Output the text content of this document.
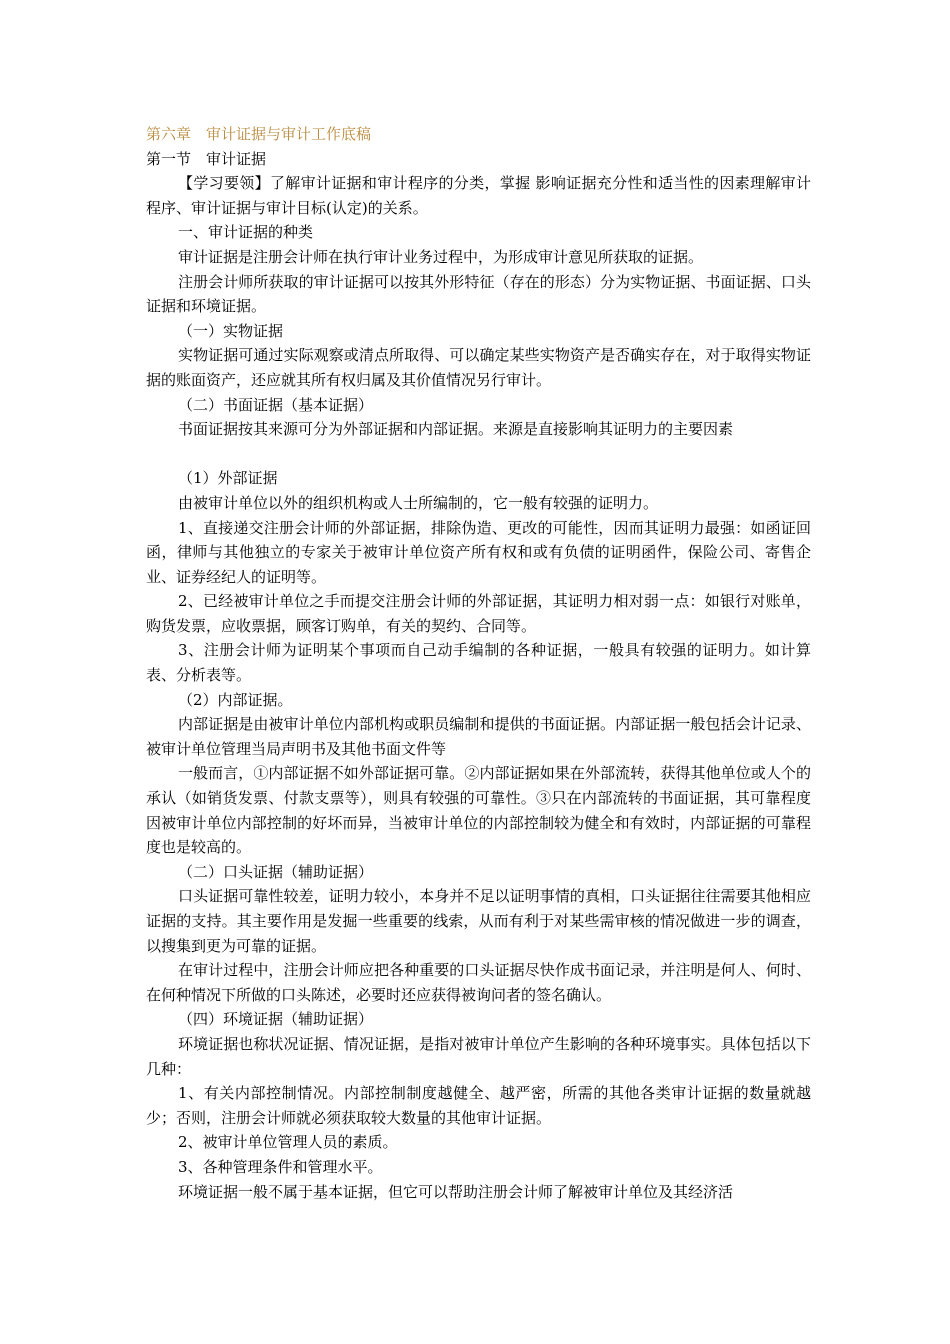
第六章　审计证据与审计工作底稿

第一节　审计证据

【学习要领】了解审计证据和审计程序的分类，掌握 影响证据充分性和适当性的因素理解审计程序、审计证据与审计目标(认定)的关系。

一、审计证据的种类

审计证据是注册会计师在执行审计业务过程中，为形成审计意见所获取的证据。

注册会计师所获取的审计证据可以按其外形特征（存在的形态）分为实物证据、书面证据、口头证据和环境证据。

（一）实物证据

实物证据可通过实际观察或清点所取得、可以确定某些实物资产是否确实存在，对于取得实物证据的账面资产，还应就其所有权归属及其价值情况另行审计。

（二）书面证据（基本证据）

书面证据按其来源可分为外部证据和内部证据。来源是直接影响其证明力的主要因素

（1）外部证据

由被审计单位以外的组织机构或人士所编制的，它一般有较强的证明力。

1、直接递交注册会计师的外部证据，排除伪造、更改的可能性，因而其证明力最强：如函证回函，律师与其他独立的专家关于被审计单位资产所有权和或有负债的证明函件，保险公司、寄售企业、证券经纪人的证明等。

2、已经被审计单位之手而提交注册会计师的外部证据，其证明力相对弱一点：如银行对账单，购货发票，应收票据，顾客订购单，有关的契约、合同等。

3、注册会计师为证明某个事项而自己动手编制的各种证据，一般具有较强的证明力。如计算表、分析表等。

（2）内部证据。

内部证据是由被审计单位内部机构或职员编制和提供的书面证据。内部证据一般包括会计记录、被审计单位管理当局声明书及其他书面文件等

一般而言，①内部证据不如外部证据可靠。②内部证据如果在外部流转，获得其他单位或人个的承认（如销货发票、付款支票等），则具有较强的可靠性。③只在内部流转的书面证据，其可靠程度因被审计单位内部控制的好坏而异，当被审计单位的内部控制较为健全和有效时，内部证据的可靠程度也是较高的。

（二）口头证据（辅助证据）

口头证据可靠性较差，证明力较小，本身并不足以证明事情的真相，口头证据往往需要其他相应证据的支持。其主要作用是发掘一些重要的线索，从而有利于对某些需审核的情况做进一步的调查，以搜集到更为可靠的证据。

在审计过程中，注册会计师应把各种重要的口头证据尽快作成书面记录，并注明是何人、何时、在何种情况下所做的口头陈述，必要时还应获得被询问者的签名确认。

（四）环境证据（辅助证据）

环境证据也称状况证据、情况证据，是指对被审计单位产生影响的各种环境事实。具体包括以下几种：

1、有关内部控制情况。内部控制制度越健全、越严密，所需的其他各类审计证据的数量就越少；否则，注册会计师就必须获取较大数量的其他审计证据。

2、被审计单位管理人员的素质。

3、各种管理条件和管理水平。

环境证据一般不属于基本证据，但它可以帮助注册会计师了解被审计单位及其经济活
